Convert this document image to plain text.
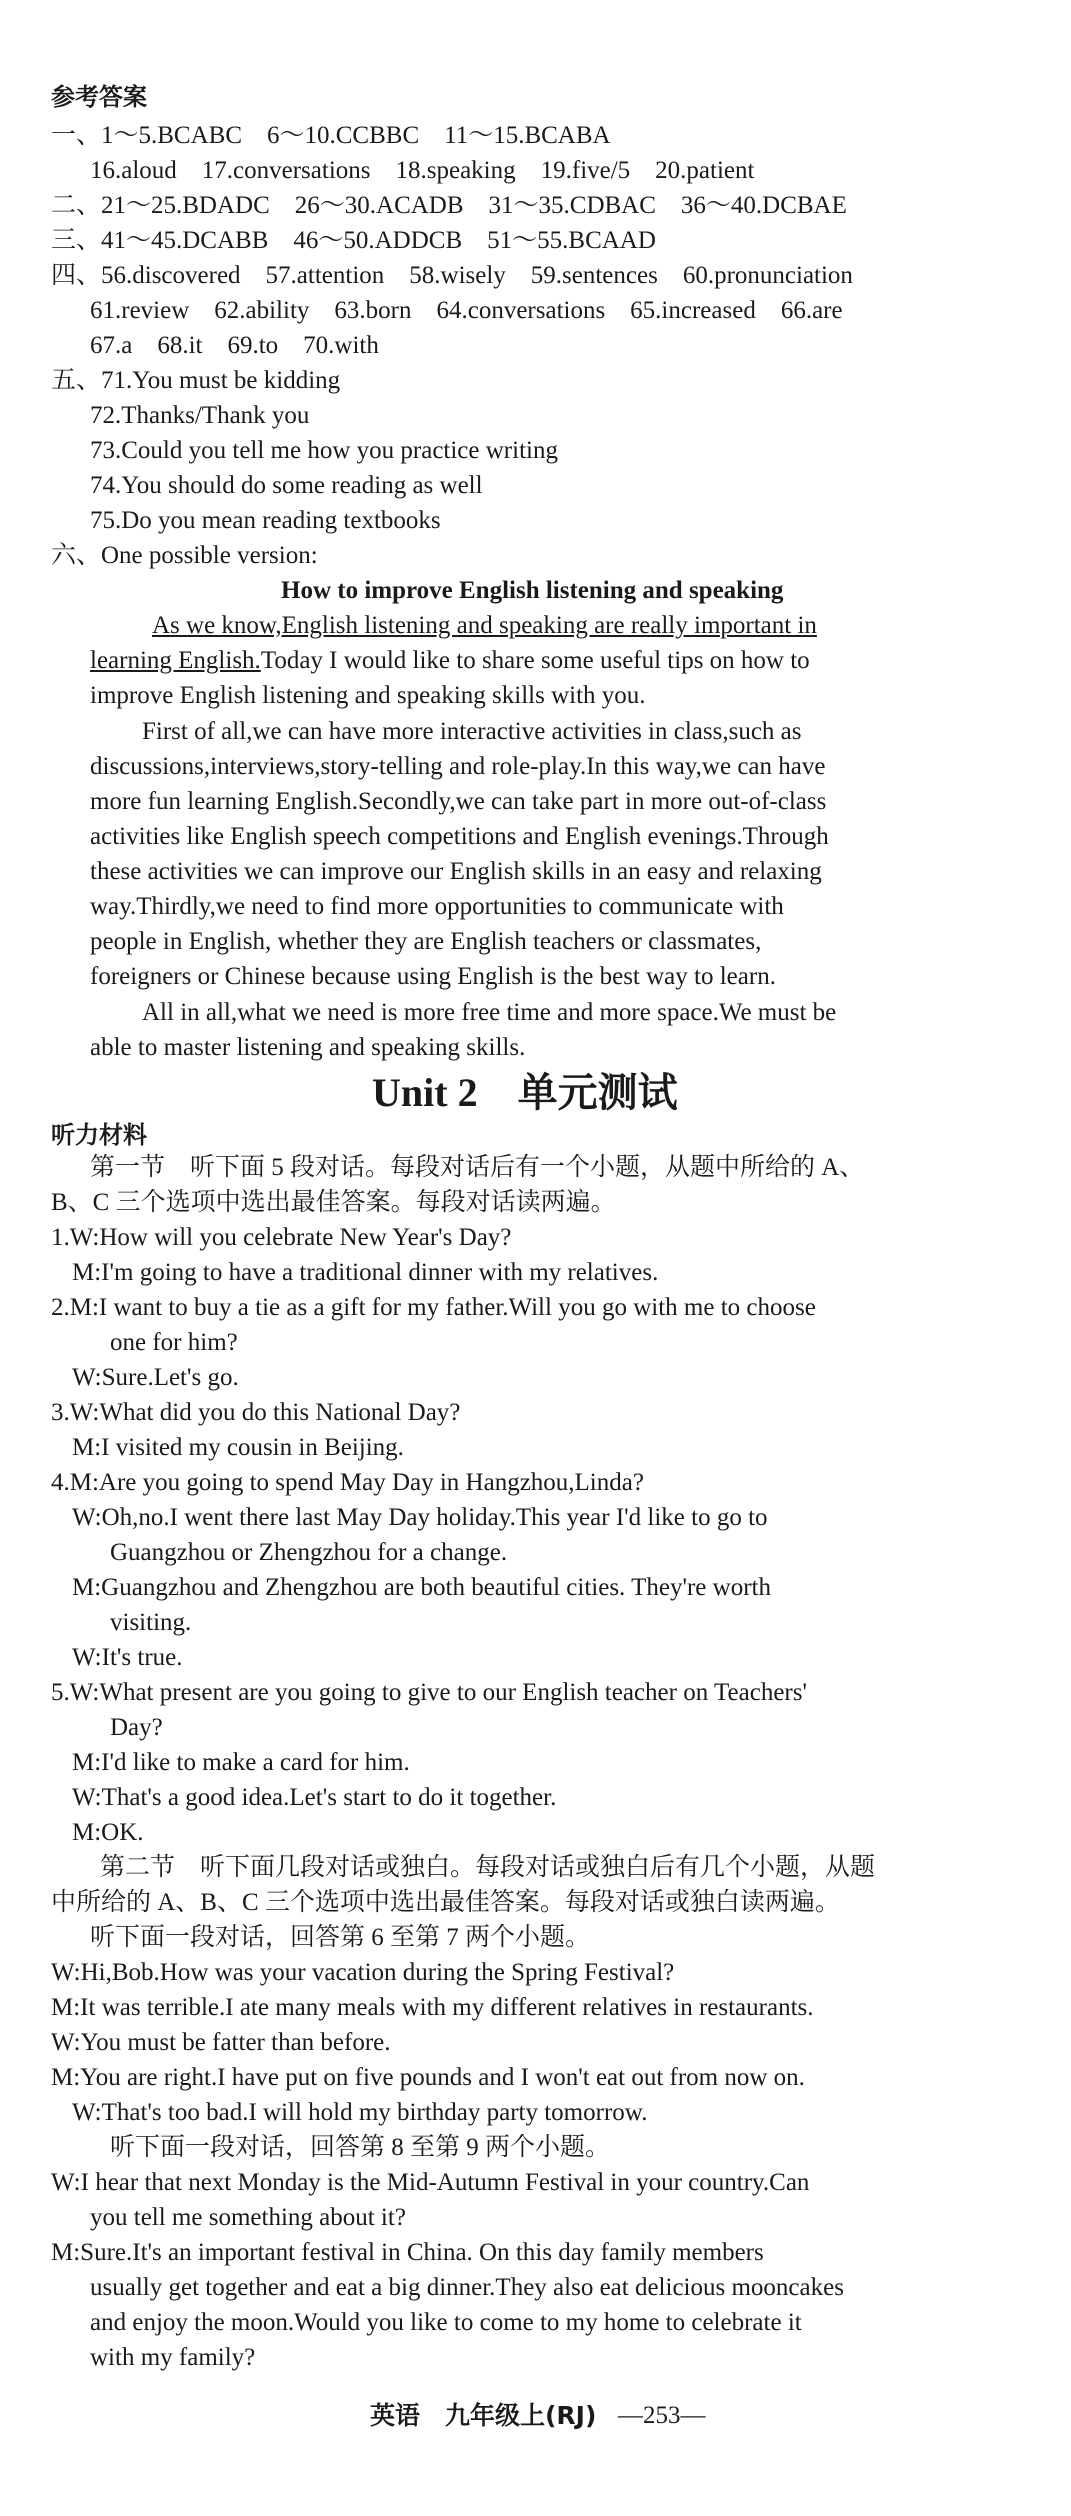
参考答案
一、1～5.BCABC　6～10.CCBBC　11～15.BCABA
16.aloud　17.conversations　18.speaking　19.five/5　20.patient
二、21～25.BDADC　26～30.ACADB　31～35.CDBAC　36～40.DCBAE
三、41～45.DCABB　46～50.ADDCB　51～55.BCAAD
四、56.discovered　57.attention　58.wisely　59.sentences　60.pronunciation
61.review　62.ability　63.born　64.conversations　65.increased　66.are
67.a　68.it　69.to　70.with
五、71.You must be kidding
72.Thanks/Thank you
73.Could you tell me how you practice writing
74.You should do some reading as well
75.Do you mean reading textbooks
六、One possible version:
How to improve English listening and speaking
As we know,English listening and speaking are really important in
learning English.Today I would like to share some useful tips on how to
improve English listening and speaking skills with you.
First of all,we can have more interactive activities in class,such as
discussions,interviews,story-telling and role-play.In this way,we can have
more fun learning English.Secondly,we can take part in more out-of-class
activities like English speech competitions and English evenings.Through
these activities we can improve our English skills in an easy and relaxing
way.Thirdly,we need to find more opportunities to communicate with
people in English, whether they are English teachers or classmates,
foreigners or Chinese because using English is the best way to learn.
All in all,what we need is more free time and more space.We must be
able to master listening and speaking skills.
Unit 2　单元测试
听力材料
第一节　听下面 5 段对话。每段对话后有一个小题，从题中所给的 A、
B、C 三个选项中选出最佳答案。每段对话读两遍。
1.W:How will you celebrate New Year's Day?
M:I'm going to have a traditional dinner with my relatives.
2.M:I want to buy a tie as a gift for my father.Will you go with me to choose
one for him?
W:Sure.Let's go.
3.W:What did you do this National Day?
M:I visited my cousin in Beijing.
4.M:Are you going to spend May Day in Hangzhou,Linda?
W:Oh,no.I went there last May Day holiday.This year I'd like to go to
Guangzhou or Zhengzhou for a change.
M:Guangzhou and Zhengzhou are both beautiful cities. They're worth
visiting.
W:It's true.
5.W:What present are you going to give to our English teacher on Teachers'
Day?
M:I'd like to make a card for him.
W:That's a good idea.Let's start to do it together.
M:OK.
第二节　听下面几段对话或独白。每段对话或独白后有几个小题，从题
中所给的 A、B、C 三个选项中选出最佳答案。每段对话或独白读两遍。
听下面一段对话，回答第 6 至第 7 两个小题。
W:Hi,Bob.How was your vacation during the Spring Festival?
M:It was terrible.I ate many meals with my different relatives in restaurants.
W:You must be fatter than before.
M:You are right.I have put on five pounds and I won't eat out from now on.
W:That's too bad.I will hold my birthday party tomorrow.
听下面一段对话，回答第 8 至第 9 两个小题。
W:I hear that next Monday is the Mid-Autumn Festival in your country.Can
you tell me something about it?
M:Sure.It's an important festival in China. On this day family members
usually get together and eat a big dinner.They also eat delicious mooncakes
and enjoy the moon.Would you like to come to my home to celebrate it
with my family?
英语　九年级上(RJ) —253—
